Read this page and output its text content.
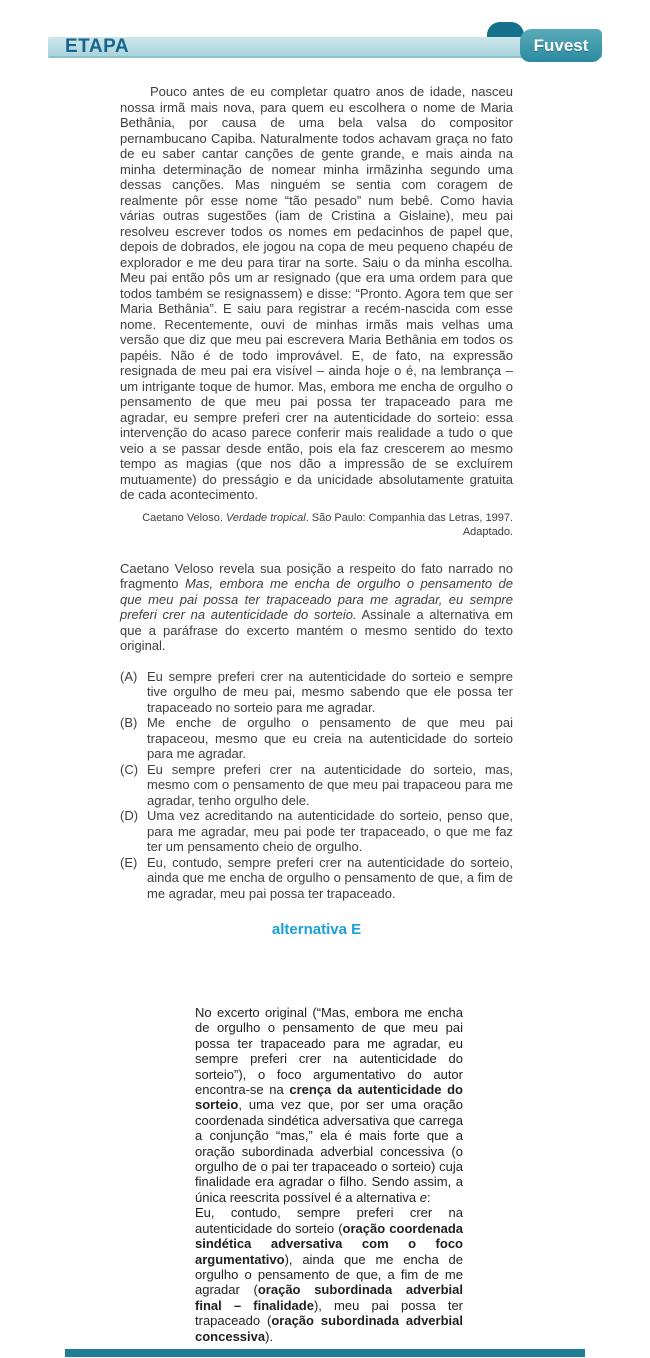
ETAPA	Fuvest

Pouco antes de eu completar quatro anos de idade, nasceu nossa irmã mais nova, para quem eu escolhera o nome de Maria Bethânia, por causa de uma bela valsa do compositor pernambucano Capiba. Naturalmente todos achavam graça no fato de eu saber cantar canções de gente grande, e mais ainda na minha determinação de nomear minha irmãzinha segundo uma dessas canções. Mas ninguém se sentia com coragem de realmente pôr esse nome “tão pesado” num bebê. Como havia várias outras sugestões (iam de Cristina a Gislaine), meu pai resolveu escrever todos os nomes em pedacinhos de papel que, depois de dobrados, ele jogou na copa de meu pequeno chapéu de explorador e me deu para tirar na sorte. Saiu o da minha escolha. Meu pai então pôs um ar resignado (que era uma ordem para que todos também se resignassem) e disse: “Pronto. Agora tem que ser Maria Bethânia”. E saiu para registrar a recém-nascida com esse nome. Recentemente, ouvi de minhas irmãs mais velhas uma versão que diz que meu pai escrevera Maria Bethânia em todos os papéis. Não é de todo improvável. E, de fato, na expressão resignada de meu pai era visível – ainda hoje o é, na lembrança – um intrigante toque de humor. Mas, embora me encha de orgulho o pensamento de que meu pai possa ter trapaceado para me agradar, eu sempre preferi crer na autenticidade do sorteio: essa intervenção do acaso parece conferir mais realidade a tudo o que veio a se passar desde então, pois ela faz crescerem ao mesmo tempo as magias (que nos dão a impressão de se excluírem mutuamente) do presságio e da unicidade absolutamente gratuita de cada acontecimento.

Caetano Veloso. Verdade tropical. São Paulo: Companhia das Letras, 1997. Adaptado.

Caetano Veloso revela sua posição a respeito do fato narrado no fragmento Mas, embora me encha de orgulho o pensamento de que meu pai possa ter trapaceado para me agradar, eu sempre preferi crer na autenticidade do sorteio. Assinale a alternativa em que a paráfrase do excerto mantém o mesmo sentido do texto original.

(A) Eu sempre preferi crer na autenticidade do sorteio e sempre tive orgulho de meu pai, mesmo sabendo que ele possa ter trapaceado no sorteio para me agradar.
(B) Me enche de orgulho o pensamento de que meu pai trapaceou, mesmo que eu creia na autenticidade do sorteio para me agradar.
(C) Eu sempre preferi crer na autenticidade do sorteio, mas, mesmo com o pensamento de que meu pai trapaceou para me agradar, tenho orgulho dele.
(D) Uma vez acreditando na autenticidade do sorteio, penso que, para me agradar, meu pai pode ter trapaceado, o que me faz ter um pensamento cheio de orgulho.
(E) Eu, contudo, sempre preferi crer na autenticidade do sorteio, ainda que me encha de orgulho o pensamento de que, a fim de me agradar, meu pai possa ter trapaceado.
alternativa E

No excerto original (“Mas, embora me encha de orgulho o pensamento de que meu pai possa ter trapaceado para me agradar, eu sempre preferi crer na autenticidade do sorteio”), o foco argumentativo do autor encontra-se na crença da autenticidade do sorteio, uma vez que, por ser uma oração coordenada sindética adversativa que carrega a conjunção “mas,” ela é mais forte que a oração subordinada adverbial concessiva (o orgulho de o pai ter trapaceado o sorteio) cuja finalidade era agradar o filho. Sendo assim, a única reescrita possível é a alternativa e:

Eu, contudo, sempre preferi crer na autenticidade do sorteio (oração coordenada sindética adversativa com o foco argumentativo), ainda que me encha de orgulho o pensamento de que, a fim de me agradar (oração subordinada adverbial final – finalidade), meu pai possa ter trapaceado (oração subordinada adverbial concessiva).
